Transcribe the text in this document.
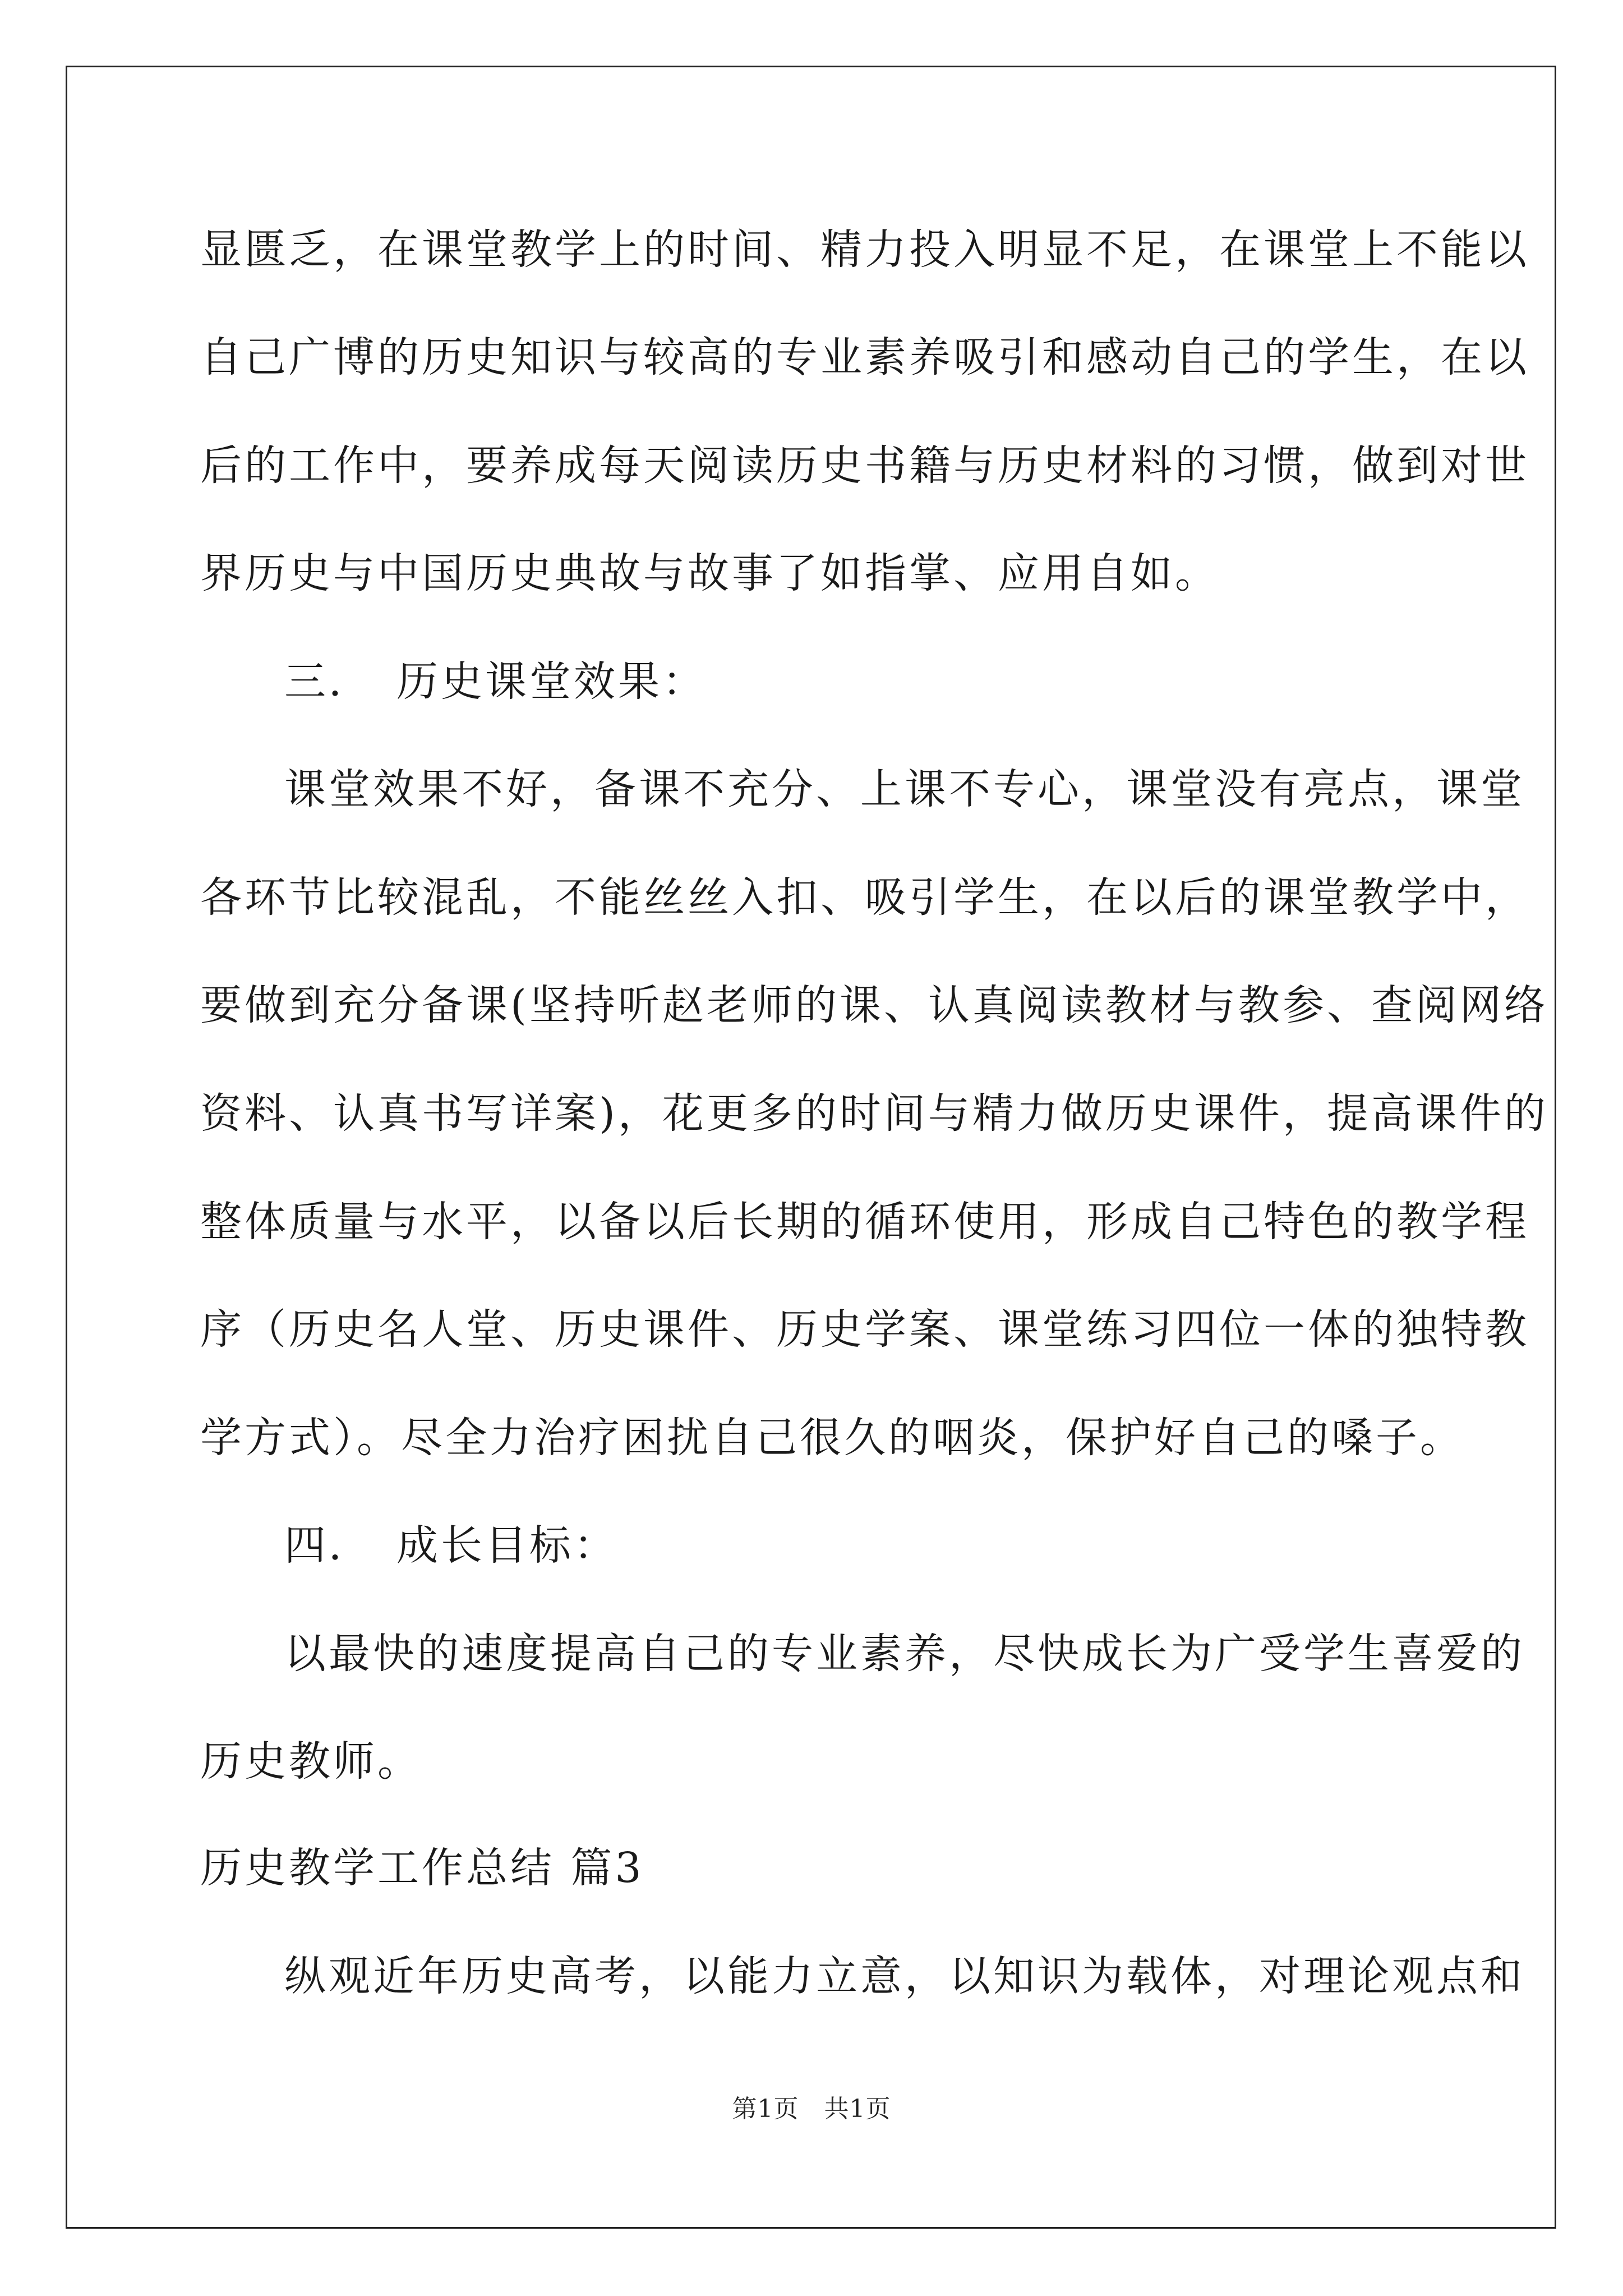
显匮乏，在课堂教学上的时间、精力投入明显不足，在课堂上不能以
自己广博的历史知识与较高的专业素养吸引和感动自己的学生，在以
后的工作中，要养成每天阅读历史书籍与历史材料的习惯，做到对世
界历史与中国历史典故与故事了如指掌、应用自如。
三．　历史课堂效果：
课堂效果不好，备课不充分、上课不专心，课堂没有亮点，课堂
各环节比较混乱，不能丝丝入扣、吸引学生，在以后的课堂教学中，
要做到充分备课(坚持听赵老师的课、认真阅读教材与教参、查阅网络
资料、认真书写详案)，花更多的时间与精力做历史课件，提高课件的
整体质量与水平，以备以后长期的循环使用，形成自己特色的教学程
序（历史名人堂、历史课件、历史学案、课堂练习四位一体的独特教
学方式）。尽全力治疗困扰自己很久的咽炎，保护好自己的嗓子。
四．　成长目标：
以最快的速度提高自己的专业素养，尽快成长为广受学生喜爱的
历史教师。
历史教学工作总结 篇3
纵观近年历史高考，以能力立意，以知识为载体，对理论观点和
第1页　共1页
